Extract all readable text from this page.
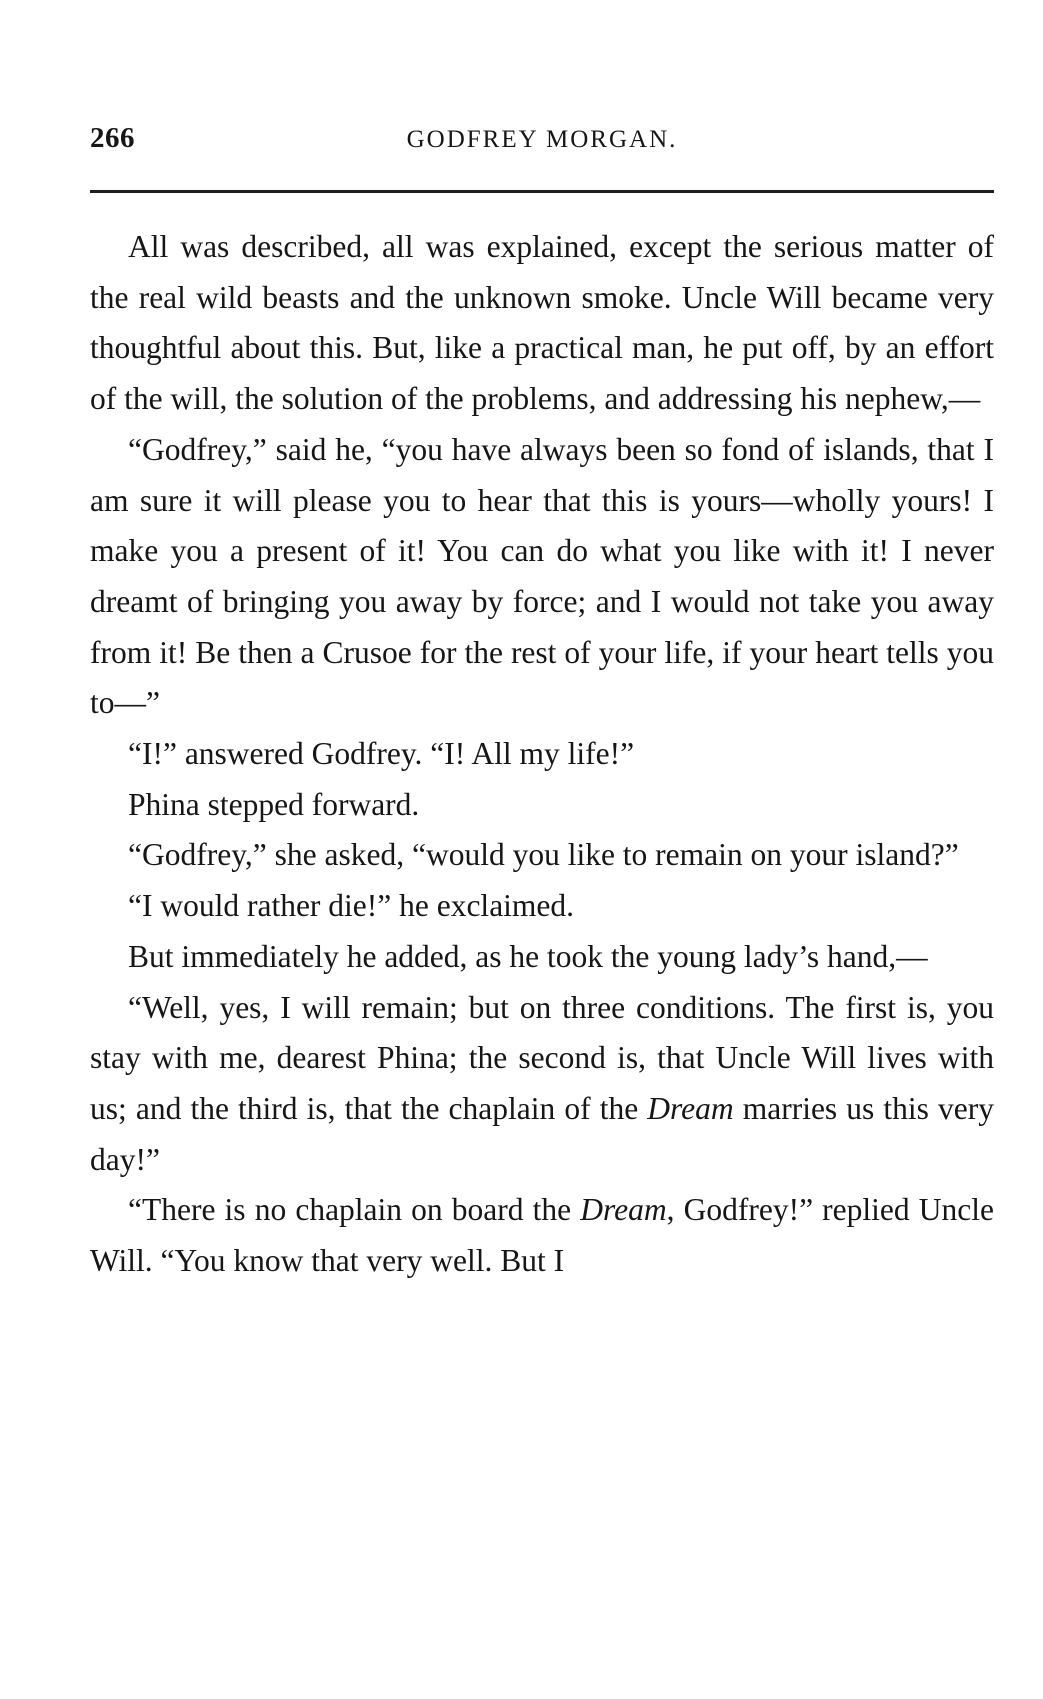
266	GODFREY MORGAN.

All was described, all was explained, except the serious matter of the real wild beasts and the unknown smoke. Uncle Will became very thoughtful about this. But, like a practical man, he put off, by an effort of the will, the solution of the problems, and addressing his nephew,—

“Godfrey,” said he, “you have always been so fond of islands, that I am sure it will please you to hear that this is yours—wholly yours! I make you a present of it! You can do what you like with it! I never dreamt of bringing you away by force; and I would not take you away from it! Be then a Crusoe for the rest of your life, if your heart tells you to—”

“I!” answered Godfrey. “I! All my life!”

Phina stepped forward.

“Godfrey,” she asked, “would you like to remain on your island?”

“I would rather die!” he exclaimed.

But immediately he added, as he took the young lady’s hand,—

“Well, yes, I will remain; but on three conditions. The first is, you stay with me, dearest Phina; the second is, that Uncle Will lives with us; and the third is, that the chaplain of the Dream marries us this very day!”

“There is no chaplain on board the Dream, Godfrey!” replied Uncle Will. “You know that very well. But I
